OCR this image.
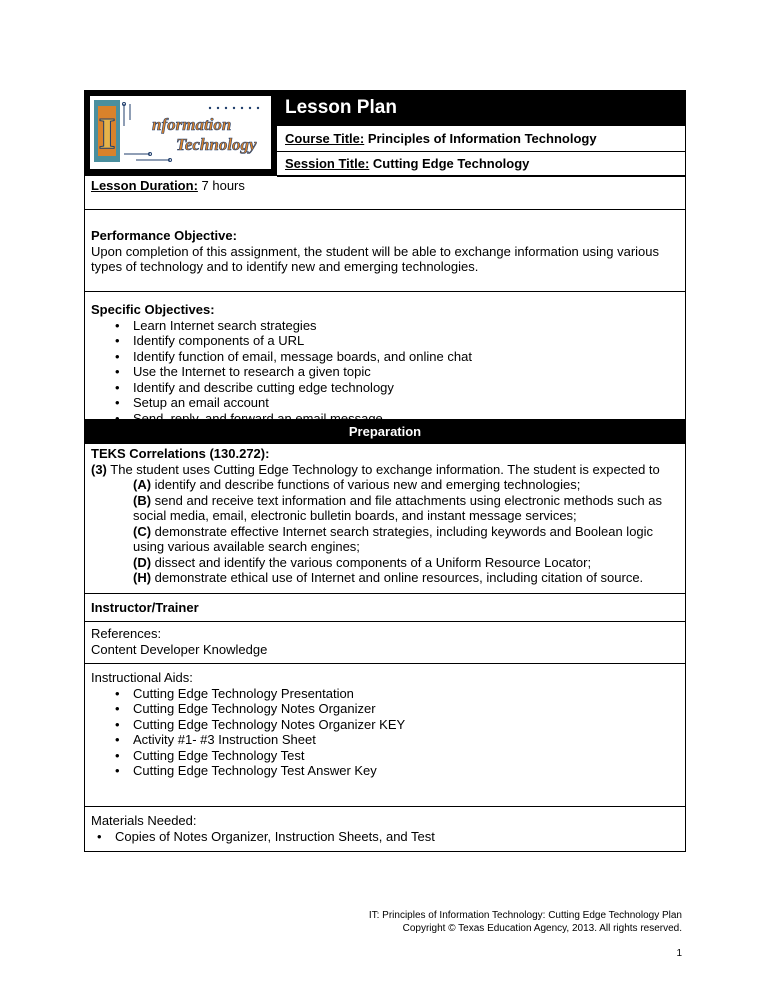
I nformation
Technology
Lesson Plan
Course Title: Principles of Information Technology
Session Title: Cutting Edge Technology
Lesson Duration: 7 hours
Performance Objective:
Upon completion of this assignment, the student will be able to exchange information using various types of technology and to identify new and emerging technologies.
Specific Objectives:
• Learn Internet search strategies
• Identify components of a URL
• Identify function of email, message boards, and online chat
• Use the Internet to research a given topic
• Identify and describe cutting edge technology
• Setup an email account
• Send, reply, and forward an email message
• Post comments to a message board Preparation
TEKS Correlations (130.272):
(3) The student uses Cutting Edge Technology to exchange information. The student is expected to
(A) identify and describe functions of various new and emerging technologies;
(B) send and receive text information and file attachments using electronic methods such as social media, email, electronic bulletin boards, and instant message services;
(C) demonstrate effective Internet search strategies, including keywords and Boolean logic using various available search engines;
(D) dissect and identify the various components of a Uniform Resource Locator;
(H) demonstrate ethical use of Internet and online resources, including citation of source.
Instructor/Trainer
References:
Content Developer Knowledge
Instructional Aids:
• Cutting Edge Technology Presentation
• Cutting Edge Technology Notes Organizer
• Cutting Edge Technology Notes Organizer KEY
• Activity #1- #3 Instruction Sheet
• Cutting Edge Technology Test
• Cutting Edge Technology Test Answer Key
Materials Needed:
• Copies of Notes Organizer, Instruction Sheets, and Test
IT: Principles of Information Technology: Cutting Edge Technology Plan
Copyright © Texas Education Agency, 2013. All rights reserved.
1
